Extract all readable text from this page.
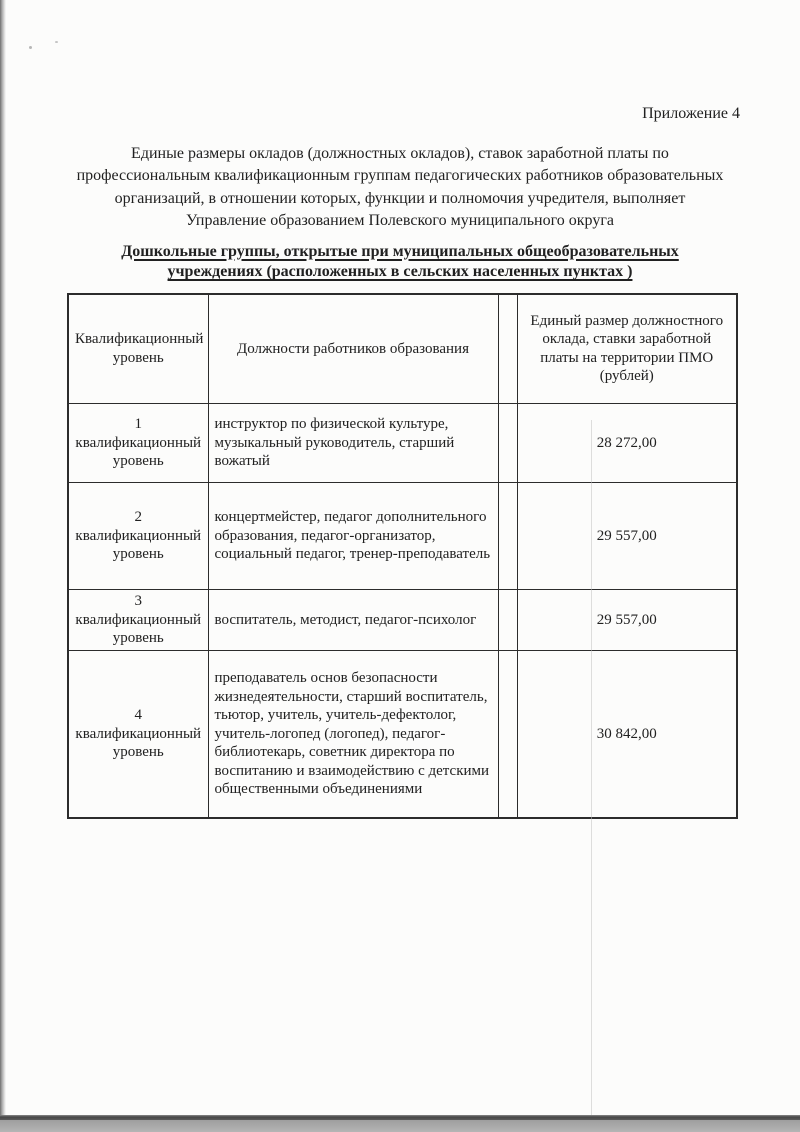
Приложение 4

Единые размеры окладов (должностных окладов), ставок заработной платы по
профессиональным квалификационным группам педагогических работников образовательных
организаций, в отношении которых, функции и полномочия учредителя, выполняет
Управление образованием Полевского муниципального округа
Дошкольные группы, открытые при муниципальных общеобразовательных
учреждениях (расположенных в сельских населенных пунктах )
Квалификационный уровень	Должности работников образования		Единый размер должностного оклада, ставки заработной платы на территории ПМО (рублей)

1
квалификационный уровень	инструктор по физической культуре, музыкальный руководитель, старший вожатый		28 272,00

2
квалификационный уровень	концертмейстер, педагог дополнительного образования, педагог-организатор, социальный педагог, тренер-преподаватель		29 557,00

3
квалификационный уровень	воспитатель, методист, педагог-психолог		29 557,00

4
квалификационный уровень	преподаватель основ безопасности жизнедеятельности, старший воспитатель, тьютор, учитель, учитель-дефектолог, учитель-логопед (логопед), педагог-библиотекарь, советник директора по воспитанию и взаимодействию с детскими общественными объединениями		30 842,00
